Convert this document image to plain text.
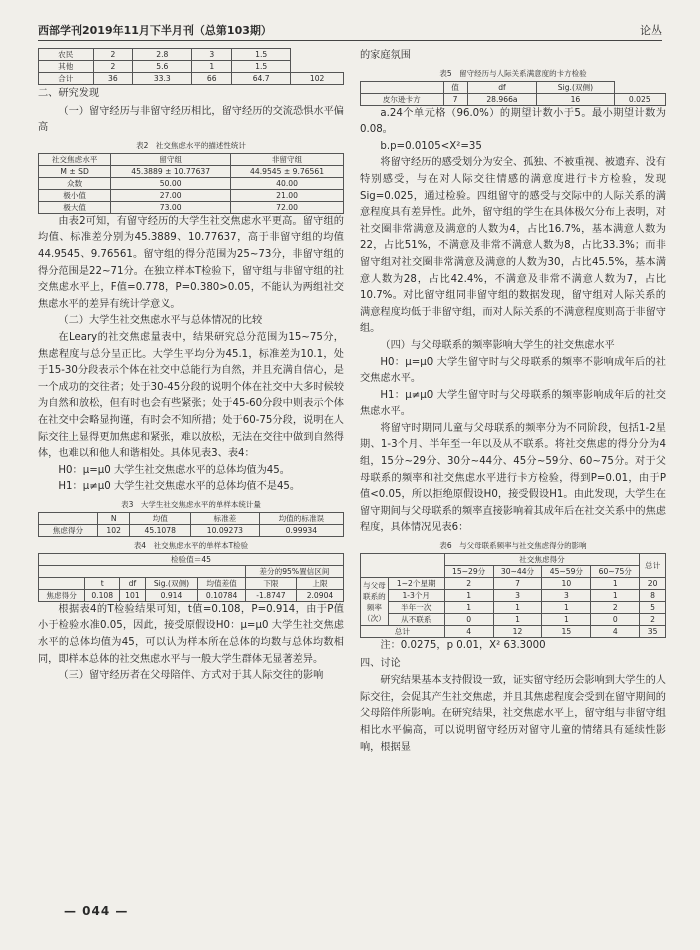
西部学刊2019年11月下半月刊（总第103期）	论丛
农民	2	2.8	3	1.5	
其他	2	5.6	1	1.5	
合计	36	33.3	66	64.7	102

二、研究发现

（一）留守经历与非留守经历相比，留守经历的交流恐惧水平偏高

表2　社交焦虑水平的描述性统计
社交焦虑水平	留守组	非留守组
M ± SD	45.3889 ± 10.77637	44.9545 ± 9.76561
众数	50.00	40.00
极小值	27.00	21.00
极大值	73.00	72.00

由表2可知，有留守经历的大学生社交焦虑水平更高。留守组的均值、标准差分别为45.3889、10.77637，高于非留守组的均值44.9545、9.76561。留守组的得分范围为25~73分，非留守组的得分范围是22~71分。在独立样本T检验下，留守组与非留守组的社交焦虑水平上，F值=0.778，P=0.380>0.05，不能认为两组社交焦虑水平的差异有统计学意义。

（二）大学生社交焦虑水平与总体情况的比较

在Leary的社交焦虑量表中，结果研究总分范围为15~75分，焦虑程度与总分呈正比。大学生平均分为45.1，标准差为10.1，处于15-30分段表示个体在社交中总能行为自然，并且充满自信心，是一个成功的交往者；处于30-45分段的说明个体在社交中大多时候较为自然和放松，但有时也会有些紧张；处于45-60分段中则表示个体在社交中会略显拘谨，有时会不知所措；处于60-75分段，说明在人际交往上显得更加焦虑和紧张，难以放松，无法在交往中做到自然得体，也难以和他人和谐相处。具体见表3、表4：

H0：μ=μ0 大学生社交焦虑水平的总体均值为45。

H1：μ≠μ0 大学生社交焦虑水平的总体均值不是45。

表3　大学生社交焦虑水平的单样本统计量
	N	均值	标准差	均值的标准误
焦虑得分	102	45.1078	10.09273	0.99934
表4　社交焦虑水平的单样本T检验
检验值＝45						
					差分的95%置信区间	
	t	df	Sig.(双侧)	均值差值	下限	上限
焦虑得分	0.108	101	0.914	0.10784	-1.8747	2.0904

根据表4的T检验结果可知，t值=0.108，P=0.914，由于P值小于检验水准0.05，因此，接受原假设H0：μ=μ0 大学生社交焦虑水平的总体均值为45，可以认为样本所在总体的均数与总体均数相同，即样本总体的社交焦虑水平与一般大学生群体无显著差异。

（三）留守经历者在父母陪伴、方式对于其人际交往的影响

的家庭氛围

表5　留守经历与人际关系满意度的卡方检验
	值	df	Sig.(双侧)	
皮尔逊卡方	7	28.966a	16	0.025

a.24个单元格（96.0%）的期望计数小于5。最小期望计数为0.08。

b.p=0.0105<X²=35

将留守经历的感受划分为安全、孤独、不被重视、被遗弃、没有特别感受，与在对人际交往情感的满意度进行卡方检验，发现Sig=0.025，通过检验。四组留守的感受与交际中的人际关系的满意程度具有差异性。此外，留守组的学生在具体极欠分布上表明，对社交圈非常满意及满意的人数为4，占比16.7%，基本满意人数为22，占比51%，不满意及非常不满意人数为8，占比33.3%；而非留守组对社交圈非常满意及满意的人数为30，占比45.5%，基本满意人数为28，占比42.4%，不满意及非常不满意人数为7，占比10.7%。对比留守组同非留守组的数据发现，留守组对人际关系的满意程度均低于非留守组，而对人际关系的不满意程度则高于非留守组。

（四）与父母联系的频率影响大学生的社交焦虑水平

H0：μ=μ0 大学生留守时与父母联系的频率不影响成年后的社交焦虑水平。

H1：μ≠μ0 大学生留守时与父母联系的频率影响成年后的社交焦虑水平。

将留守时期同儿童与父母联系的频率分为不同阶段，包括1-2星期、1-3个月、半年至一年以及从不联系。将社交焦虑的得分分为4组，15分~29分、30分~44分、45分~59分、60~75分。对于父母联系的频率和社交焦虑水平进行卡方检验，得到P=0.01，由于P值<0.05，所以拒绝原假设H0，接受假设H1。由此发现，大学生在留守期间与父母联系的频率直接影响着其成年后在社交关系中的焦虑程度，具体情况见表6：

表6　与父母联系频率与社交焦虑得分的影响
		社交焦虑得分				总计
		15~29分	30~44分	45~59分	60~75分	
与父母联系的频率（次）	1~2个星期	2	7	10	1	20
	1-3个月	1	3	3	1	8
	半年一次	1	1	1	2	5
	从不联系	0	1	1	0	2
总计		4	12	15	4	35

注：0.0275，p 0.01，X² 63.3000

四、讨论

研究结果基本支持假设一致，证实留守经历会影响到大学生的人际交往，会促其产生社交焦虑，并且其焦虑程度会受到在留守期间的父母陪伴所影响。在研究结果，社交焦虑水平上，留守组与非留守组相比水平偏高，可以说明留守经历对留守儿童的情绪具有延续性影响，根据显

— 044 —
